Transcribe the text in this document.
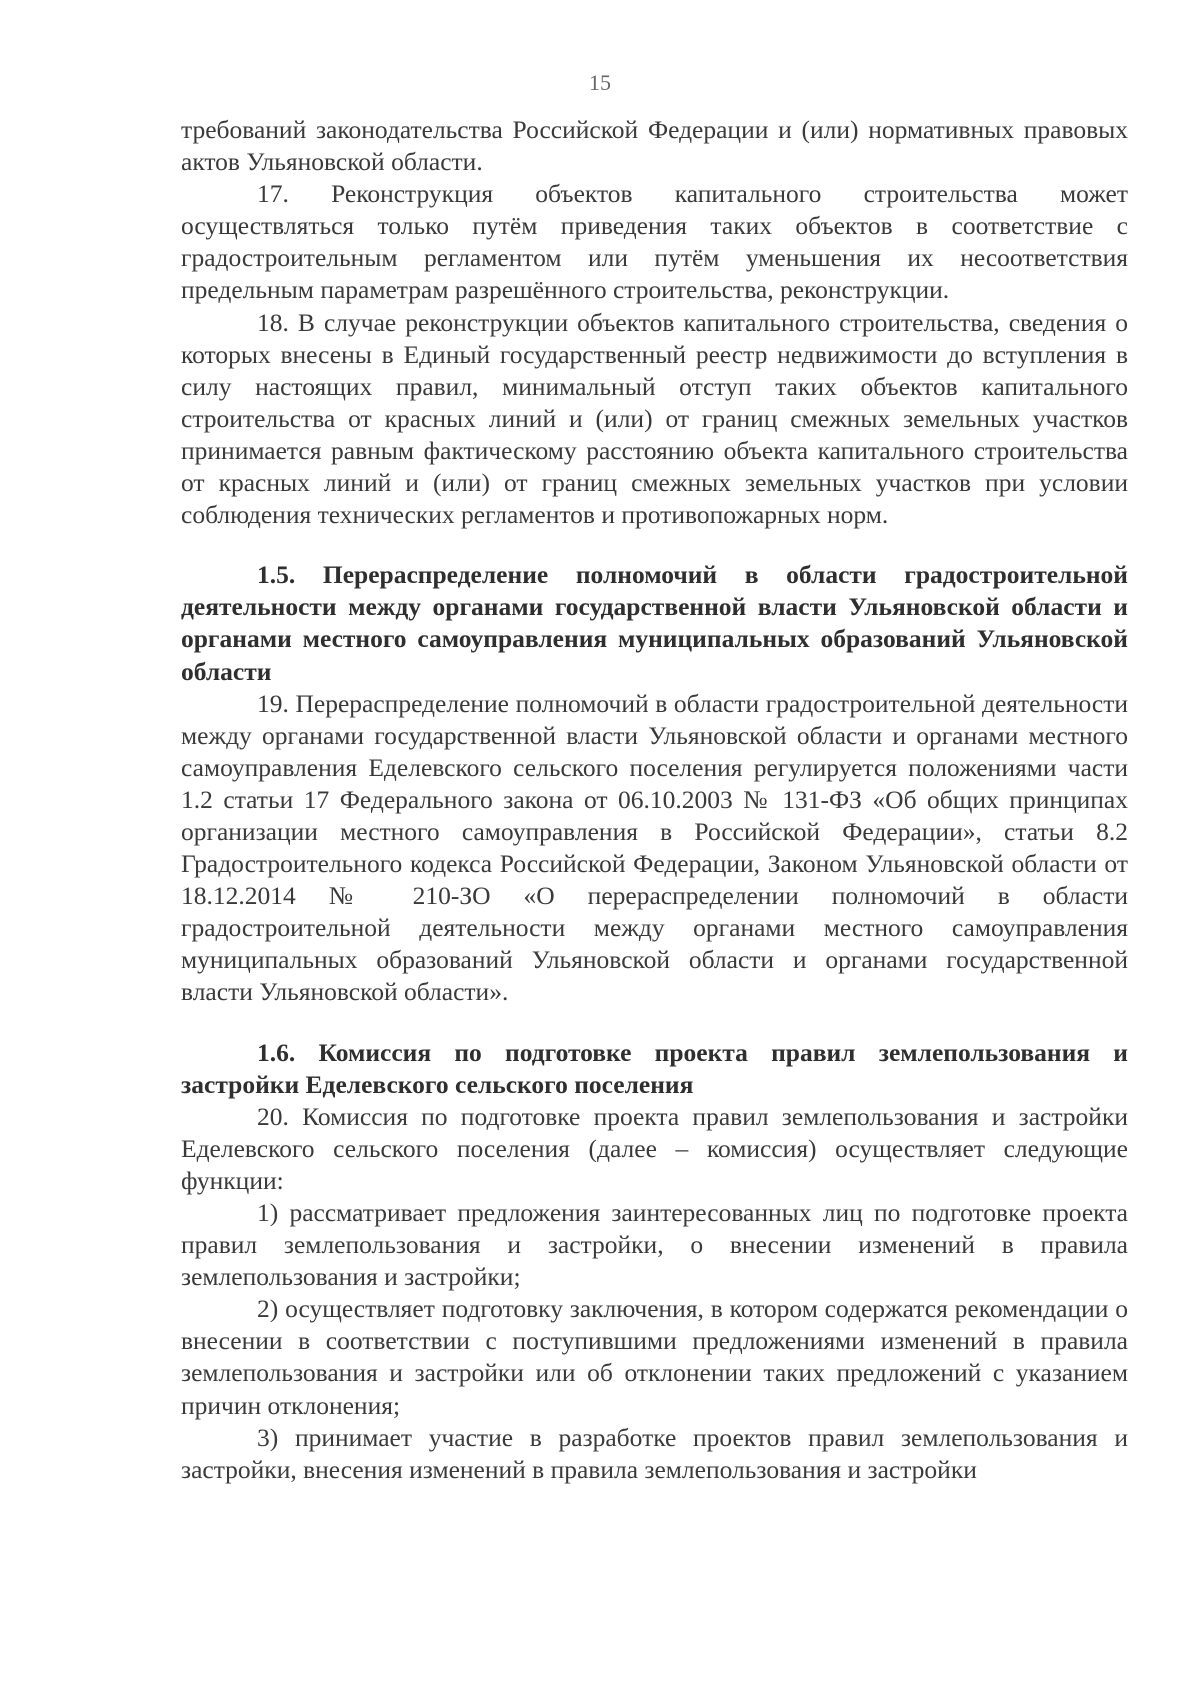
15

требований законодательства Российской Федерации и (или) нормативных правовых актов Ульяновской области.

17. Реконструкция объектов капитального строительства может осуществляться только путём приведения таких объектов в соответствие с градостроительным регламентом или путём уменьшения их несоответствия предельным параметрам разрешённого строительства, реконструкции.

18. В случае реконструкции объектов капитального строительства, сведения о которых внесены в Единый государственный реестр недвижимости до вступления в силу настоящих правил, минимальный отступ таких объектов капитального строительства от красных линий и (или) от границ смежных земельных участков принимается равным фактическому расстоянию объекта капитального строительства от красных линий и (или) от границ смежных земельных участков при условии соблюдения технических регламентов и противопожарных норм.

1.5. Перераспределение полномочий в области градостроительной деятельности между органами государственной власти Ульяновской области и органами местного самоуправления муниципальных образований Ульяновской области

19. Перераспределение полномочий в области градостроительной деятельности между органами государственной власти Ульяновской области и органами местного самоуправления Еделевского сельского поселения регулируется положениями части 1.2 статьи 17 Федерального закона от 06.10.2003 № 131-ФЗ «Об общих принципах организации местного самоуправления в Российской Федерации», статьи 8.2 Градостроительного кодекса Российской Федерации, Законом Ульяновской области от 18.12.2014 № 210-ЗО «О перераспределении полномочий в области градостроительной деятельности между органами местного самоуправления муниципальных образований Ульяновской области и органами государственной власти Ульяновской области».

1.6. Комиссия по подготовке проекта правил землепользования и застройки Еделевского сельского поселения

20. Комиссия по подготовке проекта правил землепользования и застройки Еделевского сельского поселения (далее – комиссия) осуществляет следующие функции:

1) рассматривает предложения заинтересованных лиц по подготовке проекта правил землепользования и застройки, о внесении изменений в правила землепользования и застройки;

2) осуществляет подготовку заключения, в котором содержатся рекомендации о внесении в соответствии с поступившими предложениями изменений в правила землепользования и застройки или об отклонении таких предложений с указанием причин отклонения;

3) принимает участие в разработке проектов правил землепользования и застройки, внесения изменений в правила землепользования и застройки
